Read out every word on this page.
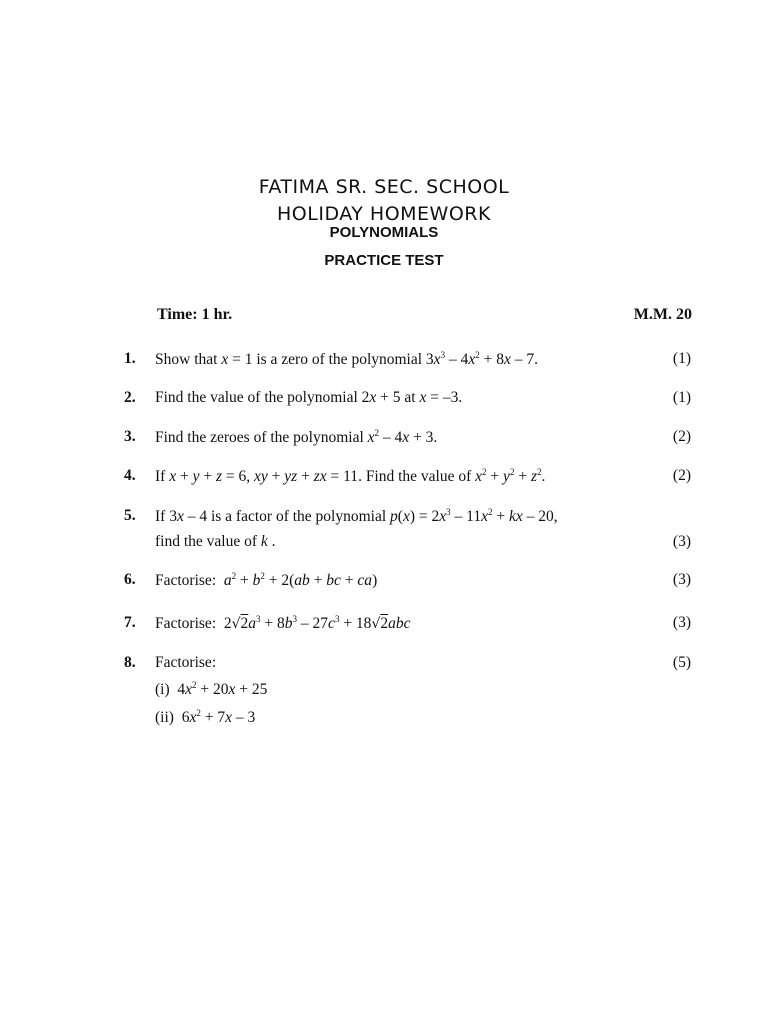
FATIMA SR. SEC. SCHOOL
HOLIDAY HOMEWORK
POLYNOMIALS
PRACTICE TEST
Time: 1 hr.	M.M. 20
1. Show that x = 1 is a zero of the polynomial $3x^3 - 4x^2 + 8x - 7$.	(1)
2. Find the value of the polynomial 2x + 5 at x = –3.	(1)
3. Find the zeroes of the polynomial $x^2 - 4x + 3$.	(2)
4. If x + y + z = 6, xy + yz + zx = 11. Find the value of $x^2 + y^2 + z^2$.	(2)
5. If 3x – 4 is a factor of the polynomial $p(x) = 2x^3 - 11x^2$ + kx – 20,
find the value of k .	(3)
6. Factorise: $a^2 + b^2 + 2(ab$ + bc + ca)	(3)
7. Factorise:  $2√2a^3 + 8b^3 - 27c^3 + 18√2abc$	(3)
8. Factorise:	(5)
(i)  $4x^2 + 20x + 25$
(ii)  $6x^2 + 7x - 3$
